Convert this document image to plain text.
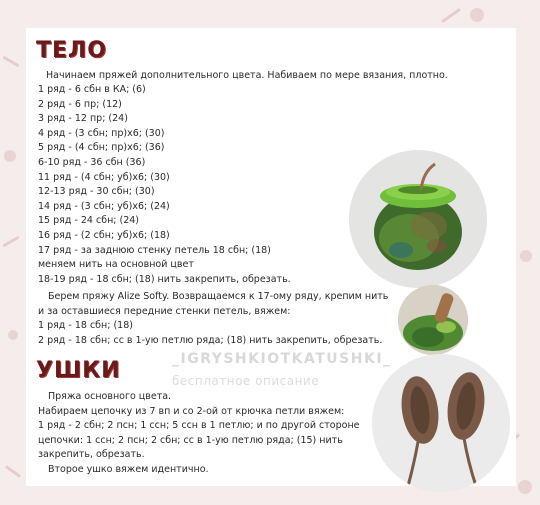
ТЕЛО
Начинаем пряжей дополнительного цвета. Набиваем по мере вязания, плотно.
1 ряд - 6 сбн в КА; (6)
2 ряд - 6 пр; (12)
3 ряд - 12 пр; (24)
4 ряд - (3 сбн; пр)х6; (30)
5 ряд - (4 сбн; пр)х6; (36)
6-10 ряд - 36 сбн (36)
11 ряд - (4 сбн; уб)х6; (30)
12-13 ряд - 30 сбн; (30)
14 ряд - (3 сбн; уб)х6; (24)
15 ряд - 24 сбн; (24)
16 ряд - (2 сбн; уб)х6; (18)
17 ряд - за заднюю стенку петель 18 сбн; (18)
меняем нить на основной цвет
18-19 ряд - 18 сбн; (18) нить закрепить, обрезать.
Берем пряжу Alize Softy. Возвращаемся к 17-ому ряду, крепим нить
и за оставшиеся передние стенки петель, вяжем:
1 ряд - 18 сбн; (18)
2 ряд - 18 сбн; сс в 1-ую петлю ряда; (18) нить закрепить, обрезать.
_IGRYSHKIOTKATUSHKI_
бесплатное описание
УШКИ
Пряжа основного цвета.
Набираем цепочку из 7 вп и со 2-ой от крючка петли вяжем:
1 ряд - 2 сбн; 2 псн; 1 ссн; 5 ссн в 1 петлю; и по другой стороне
цепочки: 1 ссн; 2 псн; 2 сбн; сс в 1-ую петлю ряда; (15) нить
закрепить, обрезать.
Второе ушко вяжем идентично.
